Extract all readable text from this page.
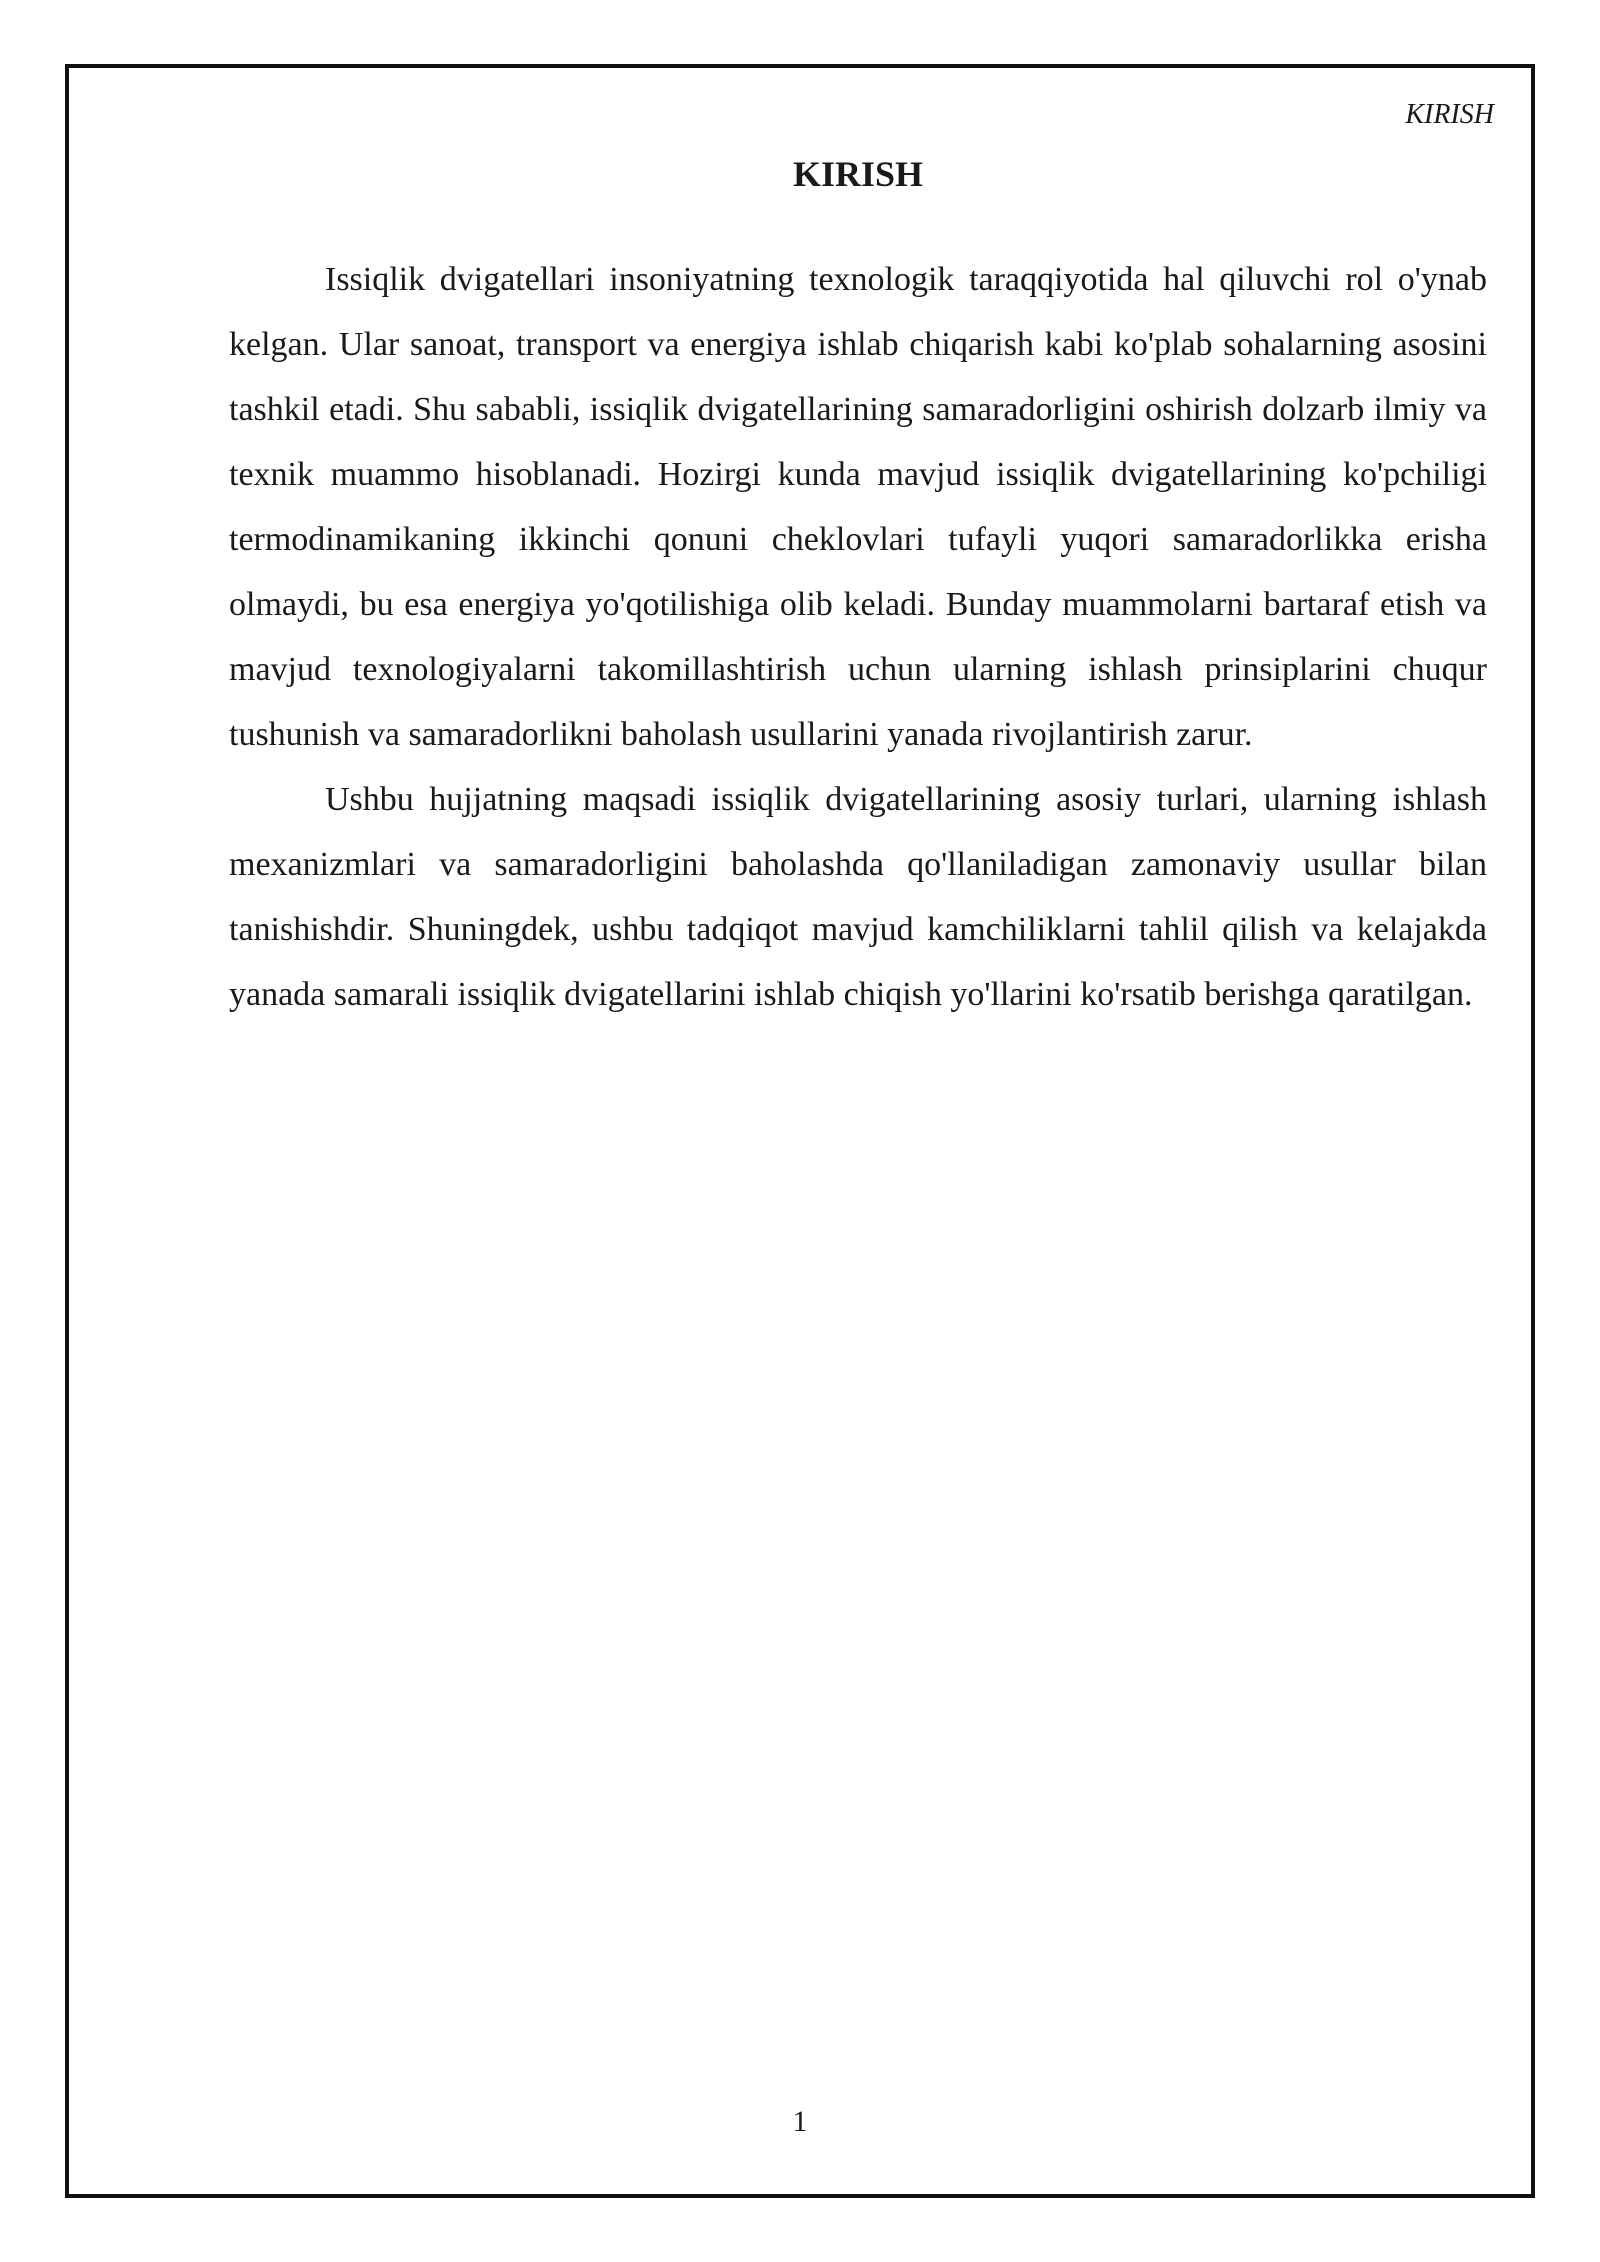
KIRISH
KIRISH

Issiqlik dvigatellari insoniyatning texnologik taraqqiyotida hal qiluvchi rol o'ynab kelgan. Ular sanoat, transport va energiya ishlab chiqarish kabi ko'plab sohalarning asosini tashkil etadi. Shu sababli, issiqlik dvigatellarining samaradorligini oshirish dolzarb ilmiy va texnik muammo hisoblanadi. Hozirgi kunda mavjud issiqlik dvigatellarining ko'pchiligi termodinamikaning ikkinchi qonuni cheklovlari tufayli yuqori samaradorlikka erisha olmaydi, bu esa energiya yo'qotilishiga olib keladi. Bunday muammolarni bartaraf etish va mavjud texnologiyalarni takomillashtirish uchun ularning ishlash prinsiplarini chuqur tushunish va samaradorlikni baholash usullarini yanada rivojlantirish zarur.

Ushbu hujjatning maqsadi issiqlik dvigatellarining asosiy turlari, ularning ishlash mexanizmlari va samaradorligini baholashda qo'llaniladigan zamonaviy usullar bilan tanishishdir. Shuningdek, ushbu tadqiqot mavjud kamchiliklarni tahlil qilish va kelajakda yanada samarali issiqlik dvigatellarini ishlab chiqish yo'llarini ko'rsatib berishga qaratilgan.

1
